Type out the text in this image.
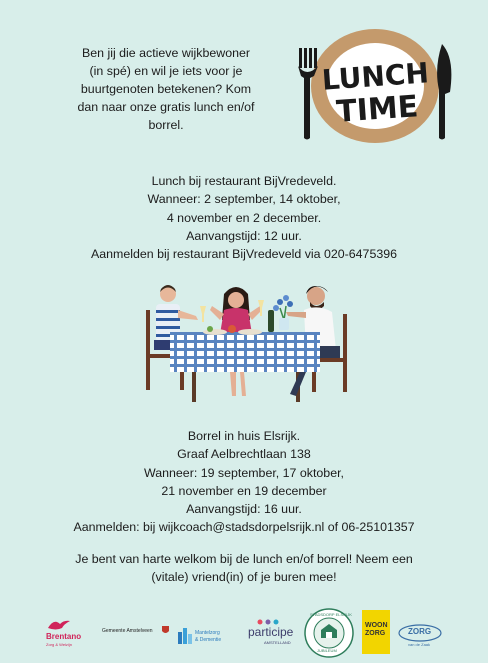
Ben jij die actieve wijkbewoner
(in spé) en wil je iets voor je
buurtgenoten betekenen? Kom
dan naar onze gratis lunch en/of
borrel.
LUNCH
TIME
Lunch bij restaurant BijVredeveld.
Wanneer: 2 september, 14 oktober,
4 november en 2 december.
Aanvangstijd: 12 uur.
Aanmelden bij restaurant BijVredeveld via 020-6475396
Borrel in huis Elsrijk.
Graaf Aelbrechtlaan 138
Wanneer: 19 september, 17 oktober,
21 november en 19 december
Aanvangstijd: 16 uur.
Aanmelden: bij wijkcoach@stadsdorpelsrijk.nl of 06-25101357
Je bent van harte welkom bij de lunch en/of borrel! Neem een
(vitale) vriend(in) of je buren mee!
Brentano
Zorg & Welzijn
Gemeente Amstelveen	Mantelzorg
& Dementie
participe
AMSTELLAND
STADSDORP ELSRIJK
JUBILEUM
WOON
ZORG	ZORG
van de Zaak
